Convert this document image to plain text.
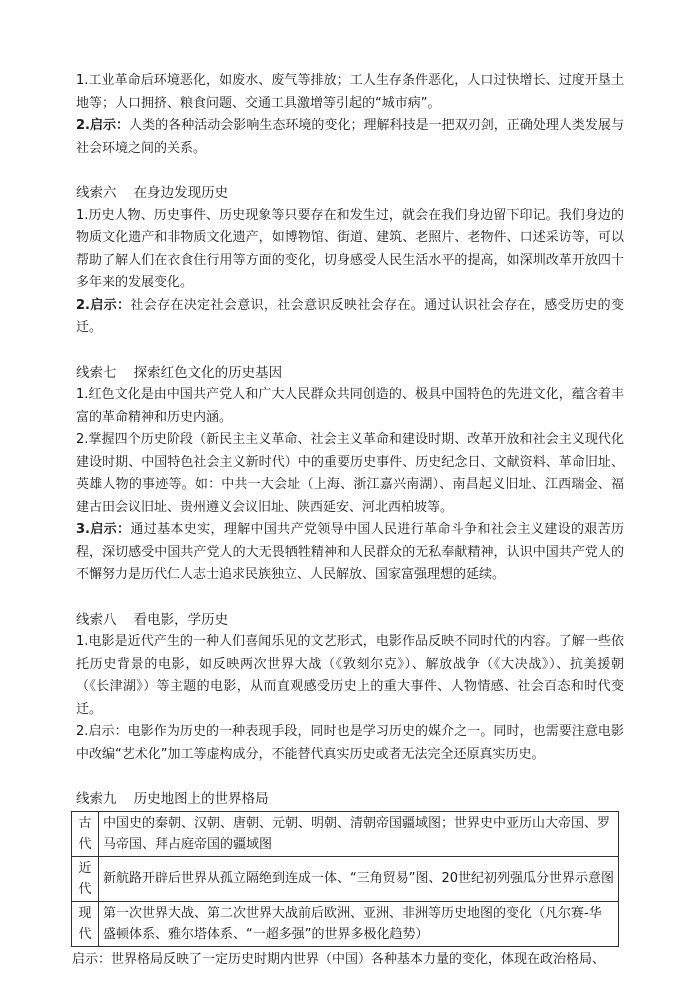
1.工业革命后环境恶化，如废水、废气等排放；工人生存条件恶化，人口过快增长、过度开垦土地等；人口拥挤、粮食问题、交通工具激增等引起的“城市病”。

2.启示：人类的各种活动会影响生态环境的变化；理解科技是一把双刃剑，正确处理人类发展与社会环境之间的关系。

线索六    在身边发现历史

1.历史人物、历史事件、历史现象等只要存在和发生过，就会在我们身边留下印记。我们身边的物质文化遗产和非物质文化遗产，如博物馆、街道、建筑、老照片、老物件、口述采访等，可以帮助了解人们在衣食住行用等方面的变化，切身感受人民生活水平的提高，如深圳改革开放四十多年来的发展变化。

2.启示：社会存在决定社会意识，社会意识反映社会存在。通过认识社会存在，感受历史的变迁。

线索七    探索红色文化的历史基因

1.红色文化是由中国共产党人和广大人民群众共同创造的、极具中国特色的先进文化，蕴含着丰富的革命精神和历史内涵。

2.掌握四个历史阶段（新民主主义革命、社会主义革命和建设时期、改革开放和社会主义现代化建设时期、中国特色社会主义新时代）中的重要历史事件、历史纪念日、文献资料、革命旧址、英雄人物的事迹等。如：中共一大会址（上海、浙江嘉兴南湖）、南昌起义旧址、江西瑞金、福建古田会议旧址、贵州遵义会议旧址、陕西延安、河北西柏坡等。

3.启示：通过基本史实，理解中国共产党领导中国人民进行革命斗争和社会主义建设的艰苦历程，深切感受中国共产党人的大无畏牺牲精神和人民群众的无私奉献精神，认识中国共产党人的不懈努力是历代仁人志士追求民族独立、人民解放、国家富强理想的延续。

线索八    看电影，学历史

1.电影是近代产生的一种人们喜闻乐见的文艺形式，电影作品反映不同时代的内容。了解一些依托历史背景的电影，如反映两次世界大战（《敦刻尔克》）、解放战争（《大决战》）、抗美援朝（《长津湖》）等主题的电影，从而直观感受历史上的重大事件、人物情感、社会百态和时代变迁。

2.启示：电影作为历史的一种表现手段，同时也是学习历史的媒介之一。同时，也需要注意电影中改编“艺术化”加工等虚构成分，不能替代真实历史或者无法完全还原真实历史。

线索九    历史地图上的世界格局

古代	中国史的秦朝、汉朝、唐朝、元朝、明朝、清朝帝国疆域图；世界史中亚历山大帝国、罗马帝国、拜占庭帝国的疆域图
近代	新航路开辟后世界从孤立隔绝到连成一体、“三角贸易”图、20世纪初列强瓜分世界示意图
现代	第一次世界大战、第二次世界大战前后欧洲、亚洲、非洲等历史地图的变化（凡尔赛-华盛顿体系、雅尔塔体系、“一超多强”的世界多极化趋势）

启示：世界格局反映了一定历史时期内世界（中国）各种基本力量的变化，体现在政治格局、
